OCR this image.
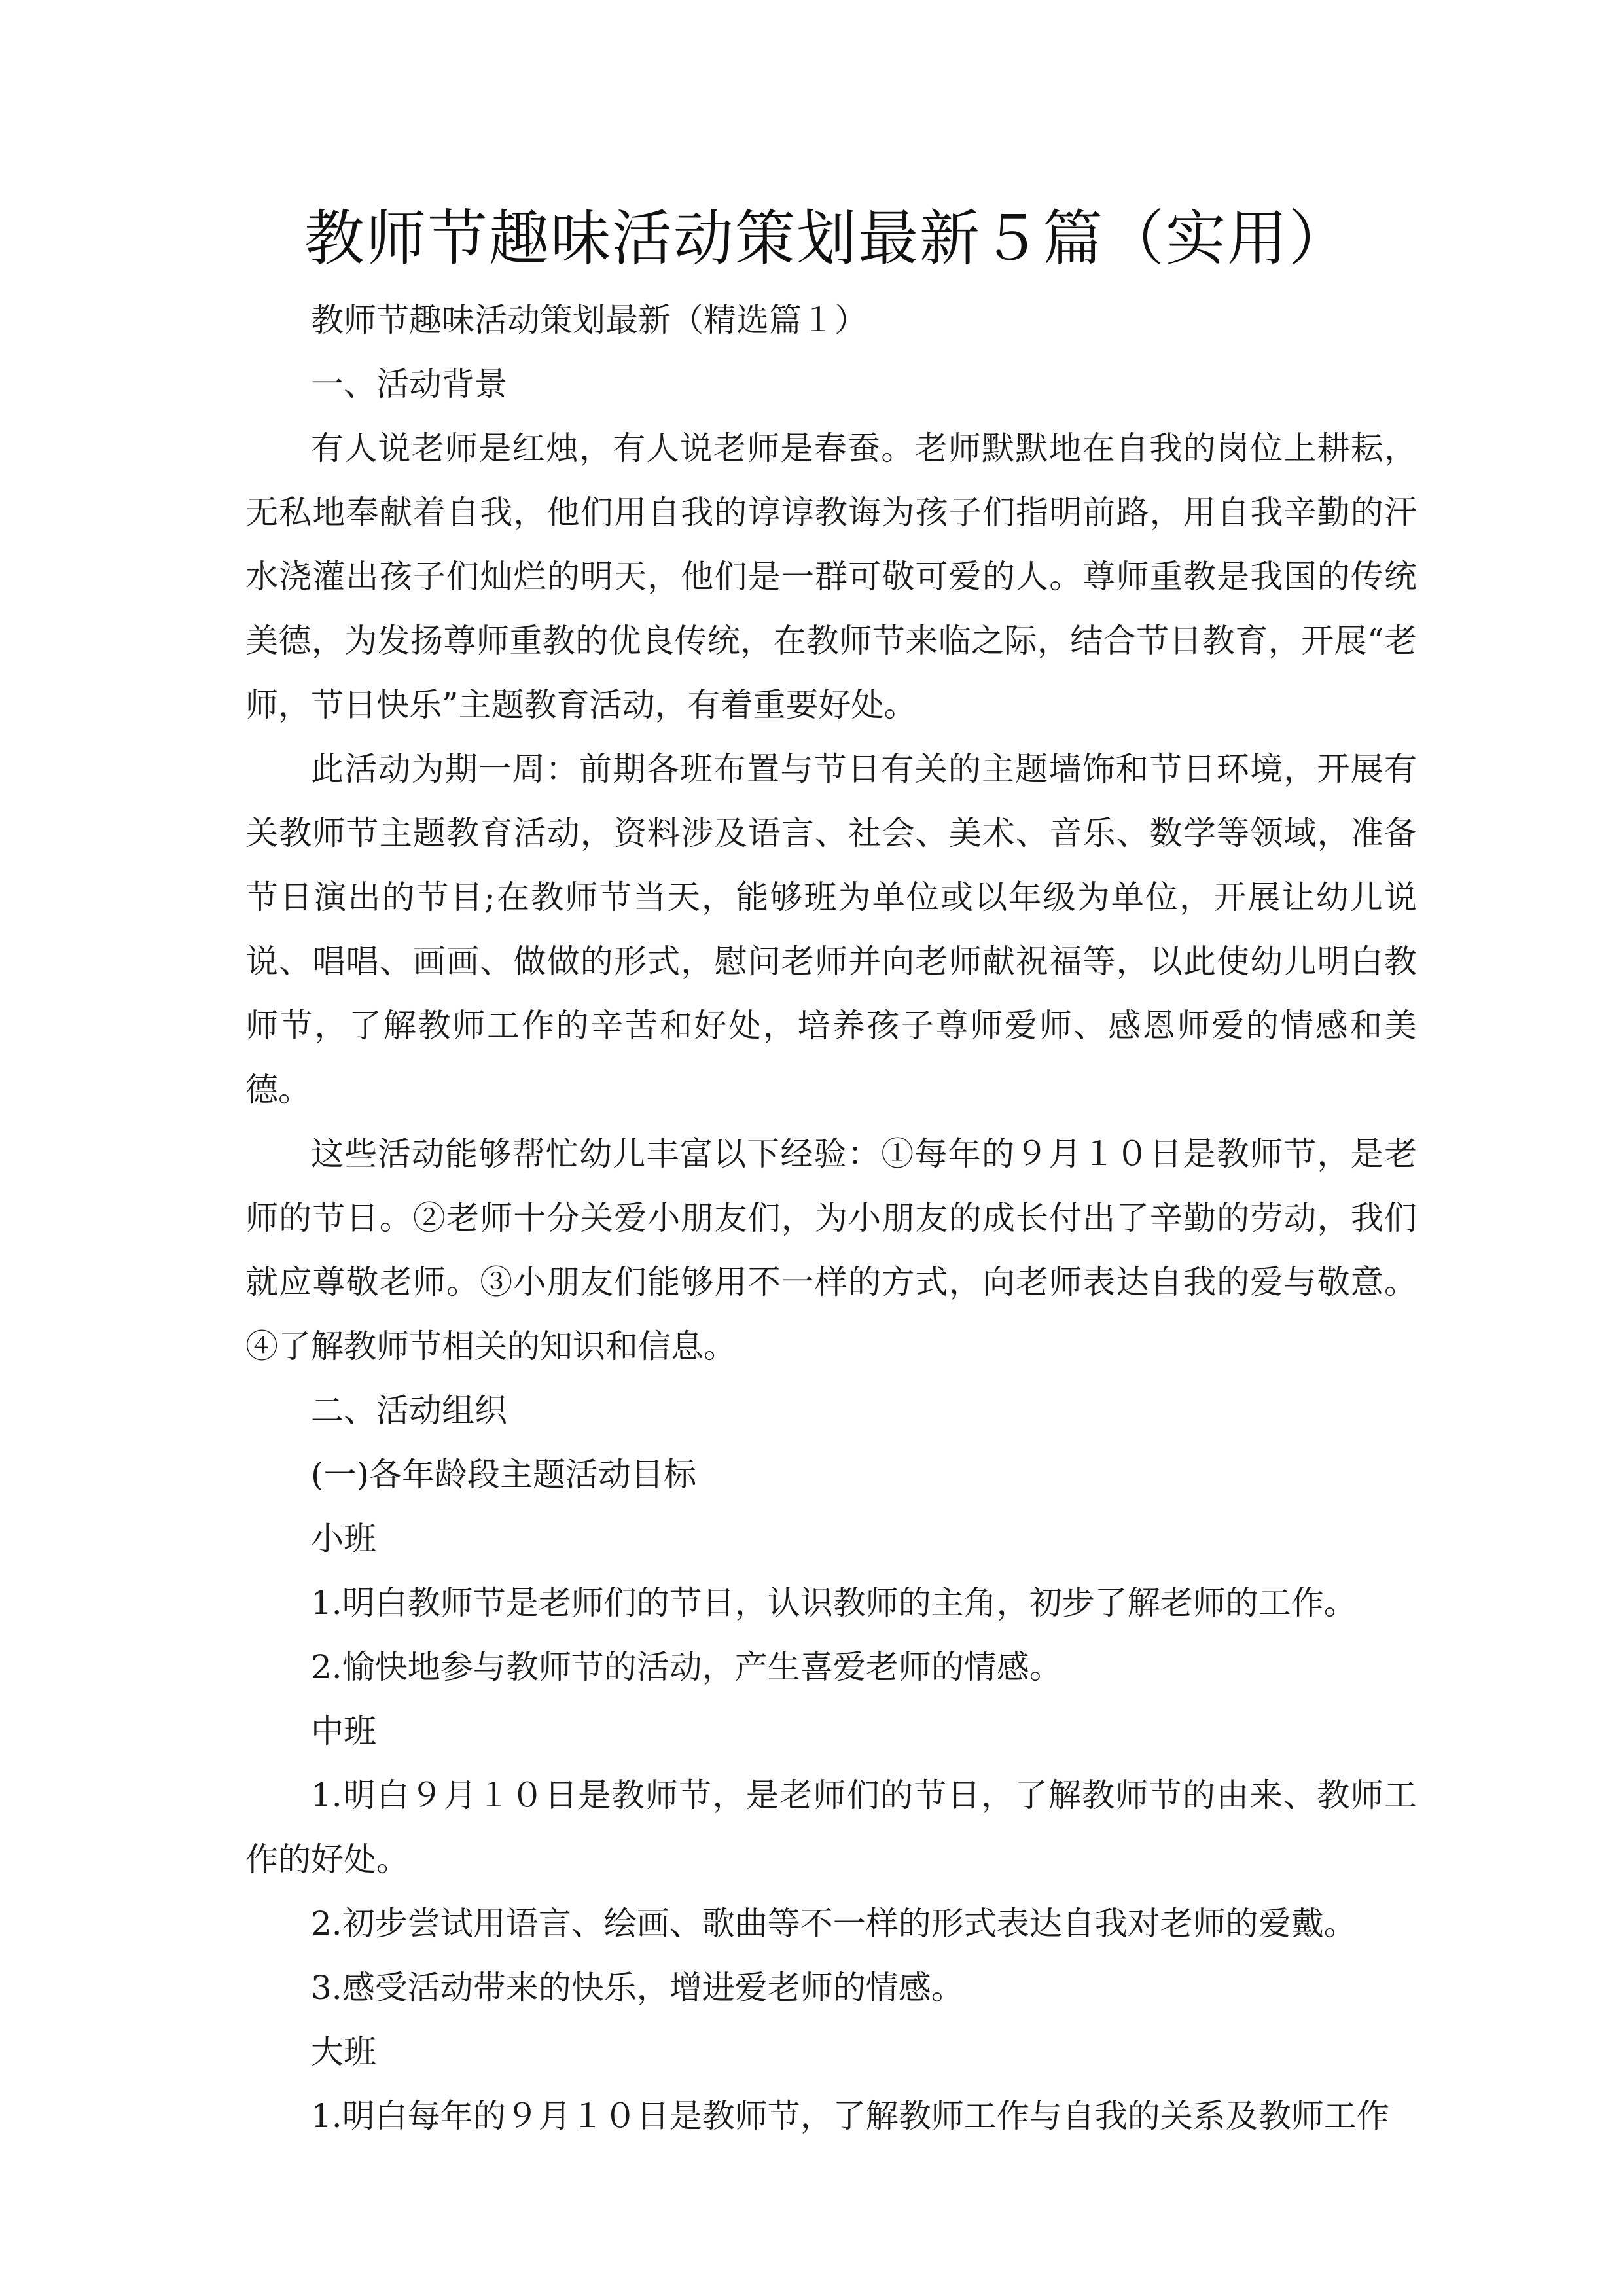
教师节趣味活动策划最新５篇（实用）

教师节趣味活动策划最新（精选篇１）

一、活动背景

有人说老师是红烛，有人说老师是春蚕。老师默默地在自我的岗位上耕耘，无私地奉献着自我，他们用自我的谆谆教诲为孩子们指明前路，用自我辛勤的汗水浇灌出孩子们灿烂的明天，他们是一群可敬可爱的人。尊师重教是我国的传统美德，为发扬尊师重教的优良传统，在教师节来临之际，结合节日教育，开展“老师，节日快乐”主题教育活动，有着重要好处。

此活动为期一周：前期各班布置与节日有关的主题墙饰和节日环境，开展有关教师节主题教育活动，资料涉及语言、社会、美术、音乐、数学等领域，准备节日演出的节目;在教师节当天，能够班为单位或以年级为单位，开展让幼儿说说、唱唱、画画、做做的形式，慰问老师并向老师献祝福等，以此使幼儿明白教师节，了解教师工作的辛苦和好处，培养孩子尊师爱师、感恩师爱的情感和美德。

这些活动能够帮忙幼儿丰富以下经验：①每年的９月１０日是教师节，是老师的节日。②老师十分关爱小朋友们，为小朋友的成长付出了辛勤的劳动，我们就应尊敬老师。③小朋友们能够用不一样的方式，向老师表达自我的爱与敬意。④了解教师节相关的知识和信息。

二、活动组织

(一)各年龄段主题活动目标

小班

1.明白教师节是老师们的节日，认识教师的主角，初步了解老师的工作。

2.愉快地参与教师节的活动，产生喜爱老师的情感。

中班

1.明白９月１０日是教师节，是老师们的节日，了解教师节的由来、教师工作的好处。

2.初步尝试用语言、绘画、歌曲等不一样的形式表达自我对老师的爱戴。

3.感受活动带来的快乐，增进爱老师的情感。

大班

1.明白每年的９月１０日是教师节，了解教师工作与自我的关系及教师工作
